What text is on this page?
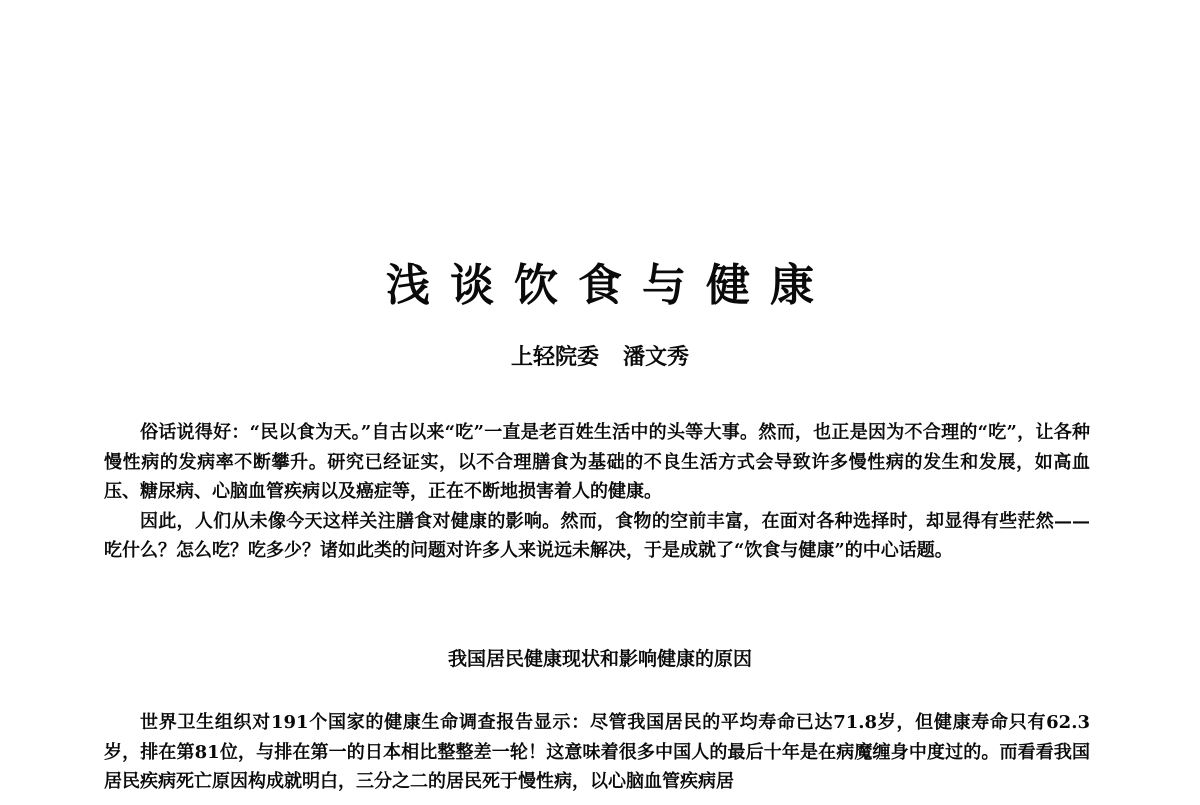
浅谈饮食与健康
上轻院委 潘文秀

俗话说得好：“民以食为天。”自古以来“吃”一直是老百姓生活中的头等大事。然而，也正是因为不合理的“吃”，让各种慢性病的发病率不断攀升。研究已经证实，以不合理膳食为基础的不良生活方式会导致许多慢性病的发生和发展，如高血压、糖尿病、心脑血管疾病以及癌症等，正在不断地损害着人的健康。

因此，人们从未像今天这样关注膳食对健康的影响。然而，食物的空前丰富，在面对各种选择时，却显得有些茫然——吃什么？怎么吃？吃多少？诸如此类的问题对许多人来说远未解决，于是成就了“饮食与健康”的中心话题。

我国居民健康现状和影响健康的原因

世界卫生组织对191个国家的健康生命调查报告显示：尽管我国居民的平均寿命已达71.8岁，但健康寿命只有62.3岁，排在第81位，与排在第一的日本相比整整差一轮！这意味着很多中国人的最后十年是在病魔缠身中度过的。而看看我国居民疾病死亡原因构成就明白，三分之二的居民死于慢性病，以心脑血管疾病居
